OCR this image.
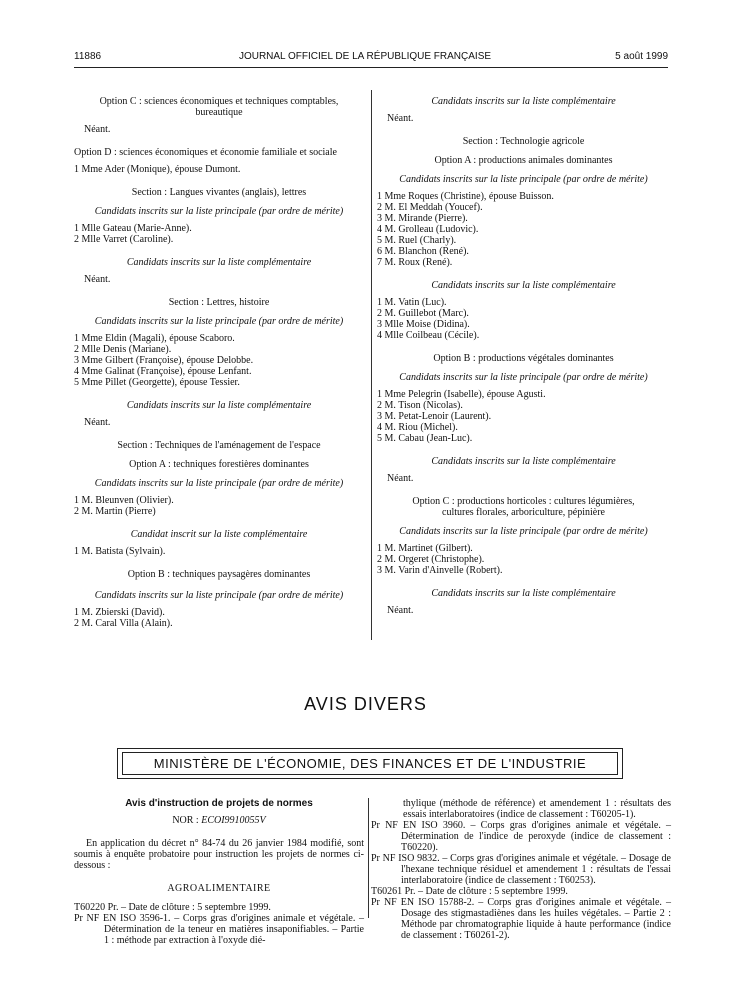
11886	JOURNAL OFFICIEL DE LA RÉPUBLIQUE FRANÇAISE	5 août 1999

Option C : sciences économiques et techniques comptables,

bureautique

Néant.

Option D : sciences économiques et économie familiale et sociale

1 Mme Ader (Monique), épouse Dumont.

Section : Langues vivantes (anglais), lettres

Candidats inscrits sur la liste principale (par ordre de mérite)

1 Mlle Gateau (Marie-Anne).

2 Mlle Varret (Caroline).

Candidats inscrits sur la liste complémentaire

Néant.

Section : Lettres, histoire

Candidats inscrits sur la liste principale (par ordre de mérite)

1 Mme Eldin (Magali), épouse Scaboro.

2 Mlle Denis (Mariane).

3 Mme Gilbert (Françoise), épouse Delobbe.

4 Mme Galinat (Françoise), épouse Lenfant.

5 Mme Pillet (Georgette), épouse Tessier.

Candidats inscrits sur la liste complémentaire

Néant.

Section : Techniques de l'aménagement de l'espace

Option A : techniques forestières dominantes

Candidats inscrits sur la liste principale (par ordre de mérite)

1 M. Bleunven (Olivier).

2 M. Martin (Pierre)

Candidat inscrit sur la liste complémentaire

1 M. Batista (Sylvain).

Option B : techniques paysagères dominantes

Candidats inscrits sur la liste principale (par ordre de mérite)

1 M. Zbierski (David).

2 M. Caral Villa (Alain).

Candidats inscrits sur la liste complémentaire

Néant.

Section : Technologie agricole

Option A : productions animales dominantes

Candidats inscrits sur la liste principale (par ordre de mérite)

1 Mme Roques (Christine), épouse Buisson.

2 M. El Meddah (Youcef).

3 M. Mirande (Pierre).

4 M. Grolleau (Ludovic).

5 M. Ruel (Charly).

6 M. Blanchon (René).

7 M. Roux (René).

Candidats inscrits sur la liste complémentaire

1 M. Vatin (Luc).

2 M. Guillebot (Marc).

3 Mlle Moise (Didina).

4 Mlle Coilbeau (Cécile).

Option B : productions végétales dominantes

Candidats inscrits sur la liste principale (par ordre de mérite)

1 Mme Pelegrin (Isabelle), épouse Agusti.

2 M. Tison (Nicolas).

3 M. Petat-Lenoir (Laurent).

4 M. Riou (Michel).

5 M. Cabau (Jean-Luc).

Candidats inscrits sur la liste complémentaire

Néant.

Option C : productions horticoles : cultures légumières,

cultures florales, arboriculture, pépinière

Candidats inscrits sur la liste principale (par ordre de mérite)

1 M. Martinet (Gilbert).

2 M. Orgeret (Christophe).

3 M. Varin d'Ainvelle (Robert).

Candidats inscrits sur la liste complémentaire

Néant.

AVIS DIVERS
MINISTÈRE DE L'ÉCONOMIE, DES FINANCES ET DE L'INDUSTRIE

Avis d'instruction de projets de normes

NOR : ECOI9910055V

En application du décret n° 84-74 du 26 janvier 1984 modifié, sont soumis à enquête probatoire pour instruction les projets de normes ci-dessous :

AGROALIMENTAIRE

T60220 Pr. – Date de clôture : 5 septembre 1999.

Pr NF EN ISO 3596-1. – Corps gras d'origines animale et végétale. – Détermination de la teneur en matières insaponifiables. – Partie 1 : méthode par extraction à l'oxyde dié-

thylique (méthode de référence) et amendement 1 : résultats des essais interlaboratoires (indice de classement : T60205-1).

Pr NF EN ISO 3960. – Corps gras d'origines animale et végétale. – Détermination de l'indice de peroxyde (indice de classement : T60220).

Pr NF ISO 9832. – Corps gras d'origines animale et végétale. – Dosage de l'hexane technique résiduel et amendement 1 : résultats de l'essai interlaboratoire (indice de classement : T60253).

T60261 Pr. – Date de clôture : 5 septembre 1999.

Pr NF EN ISO 15788-2. – Corps gras d'origines animale et végétale. – Dosage des stigmastadiènes dans les huiles végétales. – Partie 2 : Méthode par chromatographie liquide à haute performance (indice de classement : T60261-2).
